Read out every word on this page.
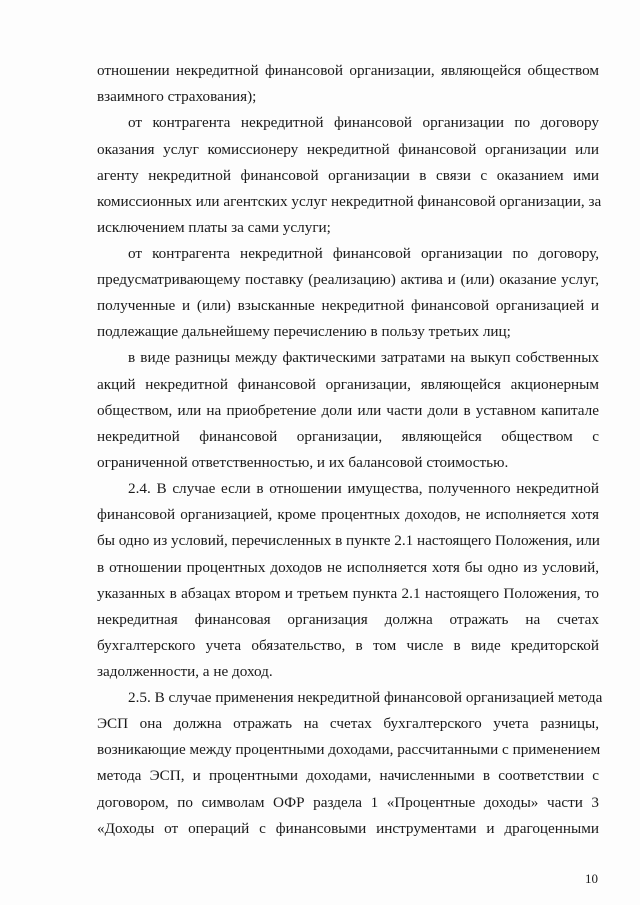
отношении некредитной финансовой организации, являющейся обществом
взаимного страхования);
от контрагента некредитной финансовой организации по договору
оказания услуг комиссионеру некредитной финансовой организации или
агенту некредитной финансовой организации в связи с оказанием ими
комиссионных или агентских услуг некредитной финансовой организации, за
исключением платы за сами услуги;
от контрагента некредитной финансовой организации по договору,
предусматривающему поставку (реализацию) актива и (или) оказание услуг,
полученные и (или) взысканные некредитной финансовой организацией и
подлежащие дальнейшему перечислению в пользу третьих лиц;
в виде разницы между фактическими затратами на выкуп собственных
акций некредитной финансовой организации, являющейся акционерным
обществом, или на приобретение доли или части доли в уставном капитале
некредитной финансовой организации, являющейся обществом с
ограниченной ответственностью, и их балансовой стоимостью.
2.4. В случае если в отношении имущества, полученного некредитной
финансовой организацией, кроме процентных доходов, не исполняется хотя
бы одно из условий, перечисленных в пункте 2.1 настоящего Положения, или
в отношении процентных доходов не исполняется хотя бы одно из условий,
указанных в абзацах втором и третьем пункта 2.1 настоящего Положения, то
некредитная финансовая организация должна отражать на счетах
бухгалтерского учета обязательство, в том числе в виде кредиторской
задолженности, а не доход.
2.5. В случае применения некредитной финансовой организацией метода
ЭСП она должна отражать на счетах бухгалтерского учета разницы,
возникающие между процентными доходами, рассчитанными с применением
метода ЭСП, и процентными доходами, начисленными в соответствии с
договором, по символам ОФР раздела 1 «Процентные доходы» части 3
«Доходы от операций с финансовыми инструментами и драгоценными
10
